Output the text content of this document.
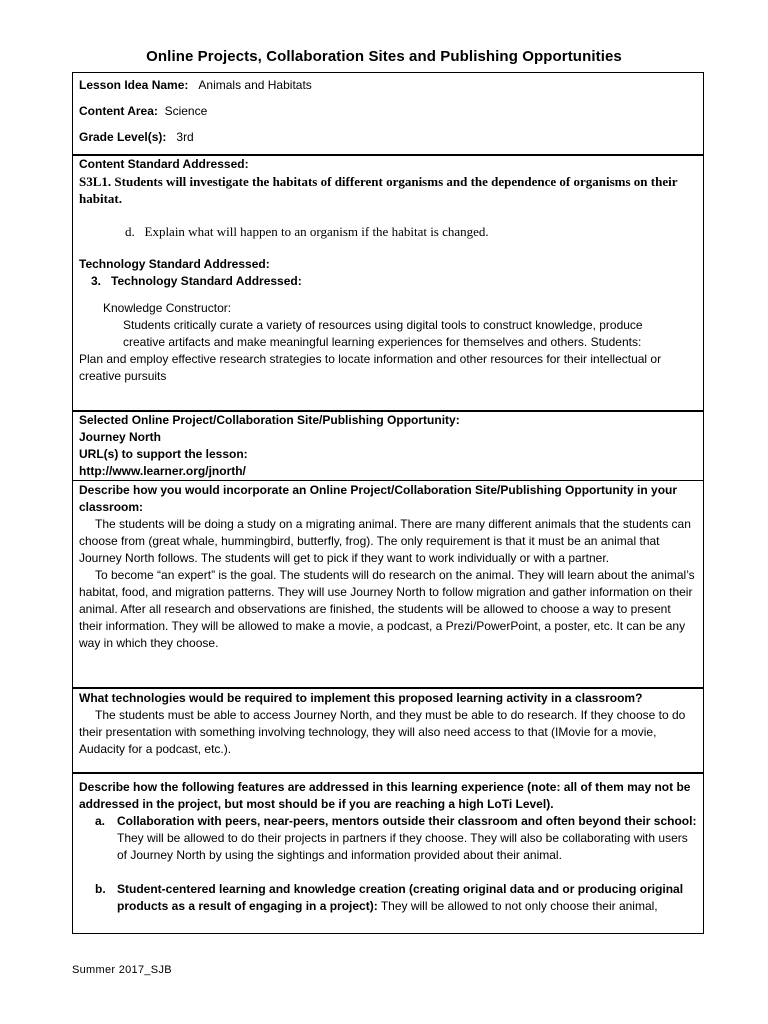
Online Projects, Collaboration Sites and Publishing Opportunities

Lesson Idea Name: Animals and Habitats

Content Area: Science

Grade Level(s): 3rd

Content Standard Addressed:

S3L1. Students will investigate the habitats of different organisms and the dependence of organisms on their habitat.

d. Explain what will happen to an organism if the habitat is changed.

Technology Standard Addressed:

3. Technology Standard Addressed:

Knowledge Constructor:

Students critically curate a variety of resources using digital tools to construct knowledge, produce

creative artifacts and make meaningful learning experiences for themselves and others. Students:

Plan and employ effective research strategies to locate information and other resources for their intellectual or creative pursuits

Selected Online Project/Collaboration Site/Publishing Opportunity:

Journey North

URL(s) to support the lesson:

http://www.learner.org/jnorth/

Describe how you would incorporate an Online Project/Collaboration Site/Publishing Opportunity in your classroom:

The students will be doing a study on a migrating animal. There are many different animals that the students can choose from (great whale, hummingbird, butterfly, frog). The only requirement is that it must be an animal that Journey North follows. The students will get to pick if they want to work individually or with a partner.

To become “an expert” is the goal. The students will do research on the animal. They will learn about the animal’s habitat, food, and migration patterns. They will use Journey North to follow migration and gather information on their animal. After all research and observations are finished, the students will be allowed to choose a way to present their information. They will be allowed to make a movie, a podcast, a Prezi/PowerPoint, a poster, etc. It can be any way in which they choose.

What technologies would be required to implement this proposed learning activity in a classroom?

The students must be able to access Journey North, and they must be able to do research. If they choose to do their presentation with something involving technology, they will also need access to that (IMovie for a movie, Audacity for a podcast, etc.).

Describe how the following features are addressed in this learning experience (note: all of them may not be addressed in the project, but most should be if you are reaching a high LoTi Level).

a. Collaboration with peers, near-peers, mentors outside their classroom and often beyond their school: They will be allowed to do their projects in partners if they choose. They will also be collaborating with users of Journey North by using the sightings and information provided about their animal.
b. Student-centered learning and knowledge creation (creating original data and or producing original products as a result of engaging in a project): They will be allowed to not only choose their animal,
Summer 2017_SJB
